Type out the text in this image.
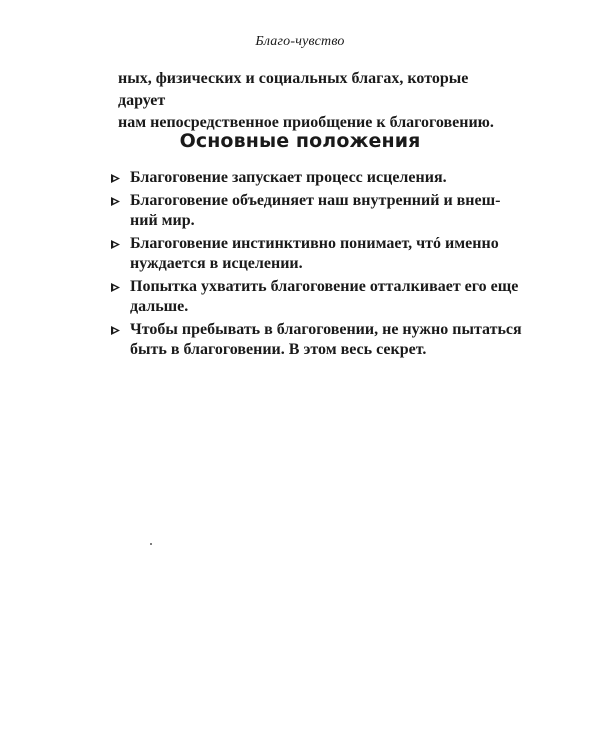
Благо-чувство

ных, физических и социальных благах, которые дарует

нам непосредственное приобщение к благоговению.

Основные положения
Благоговение запускает процесс исцеления.
Благоговение объединяет наш внутренний и внеш-
ний мир.
Благоговение инстинктивно понимает, чтó именно
нуждается в исцелении.
Попытка ухватить благоговение отталкивает его еще
дальше.
Чтобы пребывать в благоговении, не нужно пытаться
быть в благоговении. В этом весь секрет.
